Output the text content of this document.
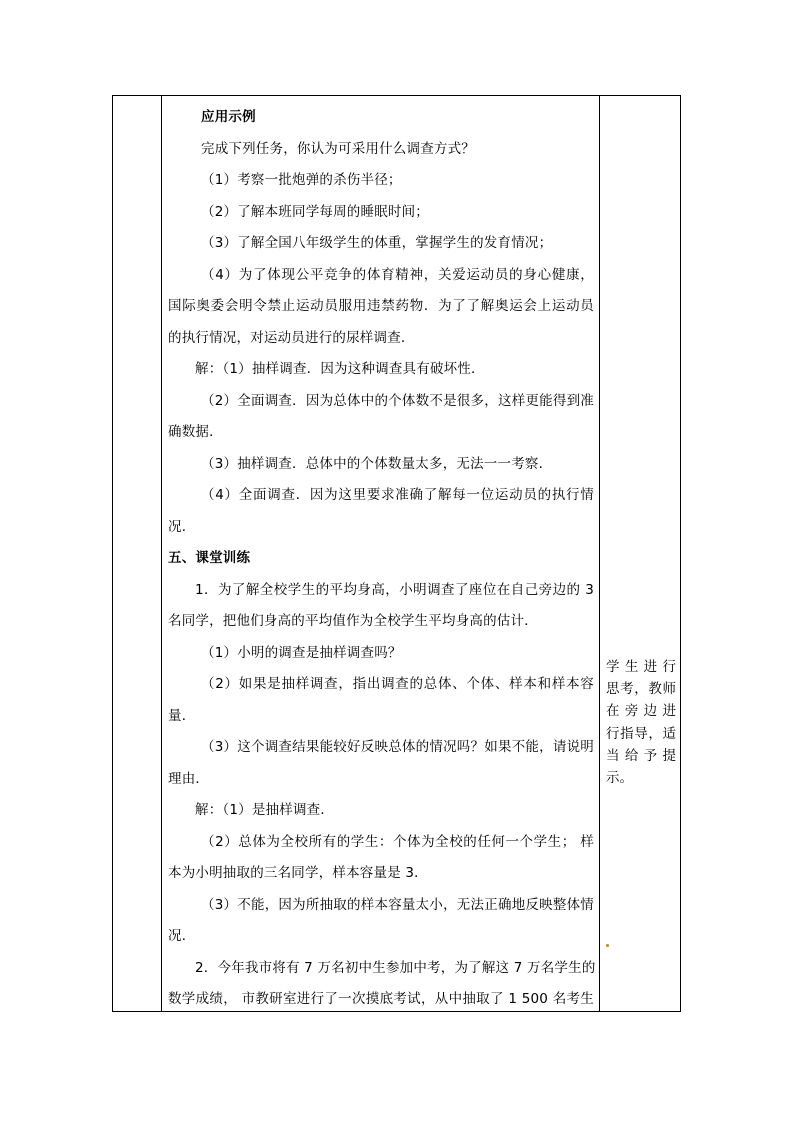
应用示例
完成下列任务，你认为可采用什么调查方式？
（1）考察一批炮弹的杀伤半径；
（2）了解本班同学每周的睡眠时间；
（3）了解全国八年级学生的体重，掌握学生的发育情况；
（4）为了体现公平竞争的体育精神，关爱运动员的身心健康，
国际奥委会明令禁止运动员服用违禁药物．为了了解奥运会上运动员
的执行情况，对运动员进行的尿样调查．
解：（1）抽样调查．因为这种调查具有破坏性．
（2）全面调查．因为总体中的个体数不是很多，这样更能得到准
确数据．
（3）抽样调查．总体中的个体数量太多，无法一一考察．
（4）全面调查．因为这里要求准确了解每一位运动员的执行情
况．
五、课堂训练
1．为了解全校学生的平均身高，小明调查了座位在自己旁边的 3
名同学，把他们身高的平均值作为全校学生平均身高的估计．
（1）小明的调查是抽样调查吗？
（2）如果是抽样调查，指出调查的总体、个体、样本和样本容
量．
（3）这个调查结果能较好反映总体的情况吗？如果不能，请说明
理由．
解：（1）是抽样调查．
（2）总体为全校所有的学生：个体为全校的任何一个学生； 样
本为小明抽取的三名同学，样本容量是 3．
（3）不能，因为所抽取的样本容量太小，无法正确地反映整体情
况．
2．今年我市将有 7 万名初中生参加中考，为了解这 7 万名学生的
数学成绩， 市教研室进行了一次摸底考试，从中抽取了 1 500 名考生
学生进行
思考，教师
在旁边进
行指导，适
当给予提
示。
